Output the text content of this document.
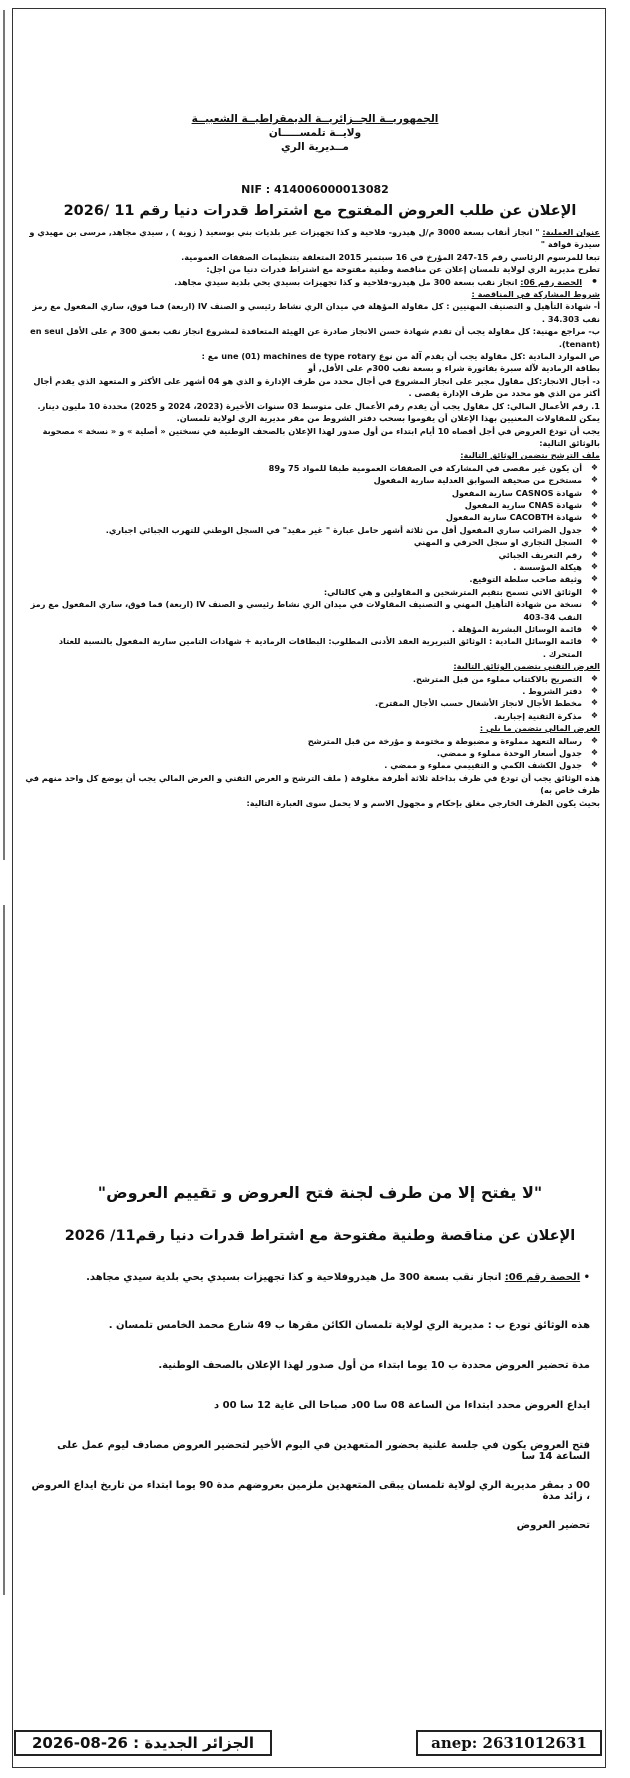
الجمهوريــة الجــزائريــة الديمقراطيــة الشعبيــة
ولايــة تلمســـــان
مــديرية الري
NIF : 414006000013082
الإعلان عن طلب العروض المفتوح مع اشتراط قدرات دنيا رقم 11 /2026

عنوان العملية: " انجاز أنقاب بسعة 3000 م/ل هيدرو- فلاحية و كذا تجهيزات عبر بلديات بني بوسعيد ( زوية ) , سيدي مجاهد, مرسى بن مهيدي و سيدرة فوافة "

تبعا للمرسوم الرئاسي رقم 15-247 المؤرخ في 16 سبتمبر 2015 المتعلقة بتنظيمات الصفقات العمومية.

تطرح مديرية الري لولاية تلمسان إعلان عن مناقصة وطنية مفتوحة مع اشتراط قدرات دنيا من اجل:

• الحصة رقم 06: انجاز نقب بسعة 300 مل هيدرو-فلاحية و كذا تجهيزات بسيدي يحي بلدية سيدي مجاهد.

شروط المشاركة في المناقصة :

أ- شهادة التأهيل و التصنيف المهنيين : كل مقاولة المؤهلة في ميدان الري نشاط رئيسي و الصنف IV (اربعة) فما فوق، ساري المفعول مع رمز نقب 34.303 .

ب- مراجع مهنية: كل مقاولة يجب أن تقدم شهادة حسن الانجاز صادرة عن الهيئة المتعاقدة لمشروع انجاز نقب بعمق 300 م على الأقل en seul (tenant).

ص الموارد المادية :كل مقاولة يجب أن يقدم آلة من نوع une (01) machines de type rotary مع :

بطاقة الرمادية لآلة سبرة بفاتورة شراء و بسعة نقب 300م على الأقل, أو

د- أجال الانجاز:كل مقاول مجبر على انجاز المشروع في أجال محدد من طرف الإدارة و الذي هو 04 أشهر على الأكثر و المتعهد الذي يقدم أجال أكثر من الذي هو محدد من طرف الإدارة يقصى .

1. رقم الأعمال المالي: كل مقاول يجب أن يقدم رقم الأعمال على متوسط 03 سنوات الأخيرة (2023، 2024 و 2025) محددة 10 مليون دينار.

يمكن للمقاولات المعنيين بهذا الإعلان أن يقوموا بسحب دفتر الشروط من مقر مديرية الري لولاية تلمسان.

يجب أن تودع العروض في أجل أقصاه 10 أيام ابتداء من أول صدور لهذا الإعلان بالصحف الوطنية في نسختين « أصلية » و « نسخة » مصحوبة بالوثائق التالية:

ملف الترشح يتضمن الوثائق التالية:

❖ أن يكون غير مقصى في المشاركة في الصفقات العمومية طبقا للمواد 75 و89
❖ مستخرج من صحيفة السوابق العدلية سارية المفعول
❖ شهادة CASNOS سارية المفعول
❖ شهادة CNAS سارية المفعول
❖ شهادة CACOBTH سارية المفعول
❖ جدول الضرائب ساري المفعول أقل من ثلاثة أشهر حامل عبارة " غير مقيد" في السجل الوطني للتهرب الجبائي اجباري.
❖ السجل التجاري او سجل الحرفي و المهني
❖ رقم التعريف الجبائي
❖ هيكلة المؤسسة .
❖ وثيقة صاحب سلطة التوقيع.
❖ الوثائق الاتي تسمح بتقيم المترشحين و المقاولين و هي كالتالي:
❖ نسخة من شهادة التأهيل المهني و التصنيف المقاولات في ميدان الري نشاط رئيسي و الصنف IV (اربعة) فما فوق، ساري المفعول مع رمز النقب 34-403
❖ قائمة الوسائل البشرية المؤهلة .
❖ قائمة الوسائل المادية : الوثائق التبريرية العقد الأدنى المطلوب: البطاقات الرمادية + شهادات التامين سارية المفعول بالنسبة للعتاد المتحرك .

العرض التقني يتضمن الوثائق التالية:

❖ التصريح بالاكتتاب مملوء من قبل المترشح.
❖ دفتر الشروط .
❖ مخطط الأجال لانجاز الأشغال حسب الأجال المقترح.
❖ مذكرة التقنية إجبارية.

العرض المالي يتضمن ما يلي :

❖ رسالة التعهد مملوءة و مضبوطة و مختومة و مؤرخة من قبل المترشح
❖ جدول أسعار الوحدة مملوء و ممضي.
❖ جدول الكشف الكمي و التقييمي مملوء و ممضي .

هذه الوثائق يجب أن تودع في ظرف بداخلة ثلاثة أظرفة مغلوقة ( ملف الترشح و العرض التقني و العرض المالي يجب أن يوضع كل واحد منهم في ظرف خاص به)

بحيث يكون الظرف الخارجي مغلق بإحكام و مجهول الاسم و لا يحمل سوى العبارة التالية:

"لا يفتح إلا من طرف لجنة فتح العروض و تقييم العروض"
الإعلان عن مناقصة وطنية مفتوحة مع اشتراط قدرات دنيا رقم11/ 2026

• الحصة رقم 06: انجاز نقب بسعة 300 مل هيدروفلاحية و كذا تجهيزات بسيدي يحي بلدية سيدي مجاهد.

هذه الوثائق تودع ب : مديرية الري لولاية تلمسان الكائن مقرها ب 49 شارع محمد الخامس تلمسان .

مدة تحضير العروض محددة ب 10 يوما ابتداء من أول صدور لهذا الإعلان بالصحف الوطنية.

ايداع العروض محدد ابتداءا من الساعة 08 سا 00د صباحا الى غاية 12 سا 00 د

فتح العروض يكون في جلسة علنية بحضور المتعهدين في اليوم الأخير لتحضير العروض مصادف ليوم عمل على الساعة 14 سا

00 د بمقر مديرية الري لولاية تلمسان يبقى المتعهدين ملزمين بعروضهم مدة 90 يوما ابتداء من تاريخ ايداع العروض ، زائد مدة

تحضير العروض

الجزائر الجديدة : 26-08-2026	anep: 2631012631
